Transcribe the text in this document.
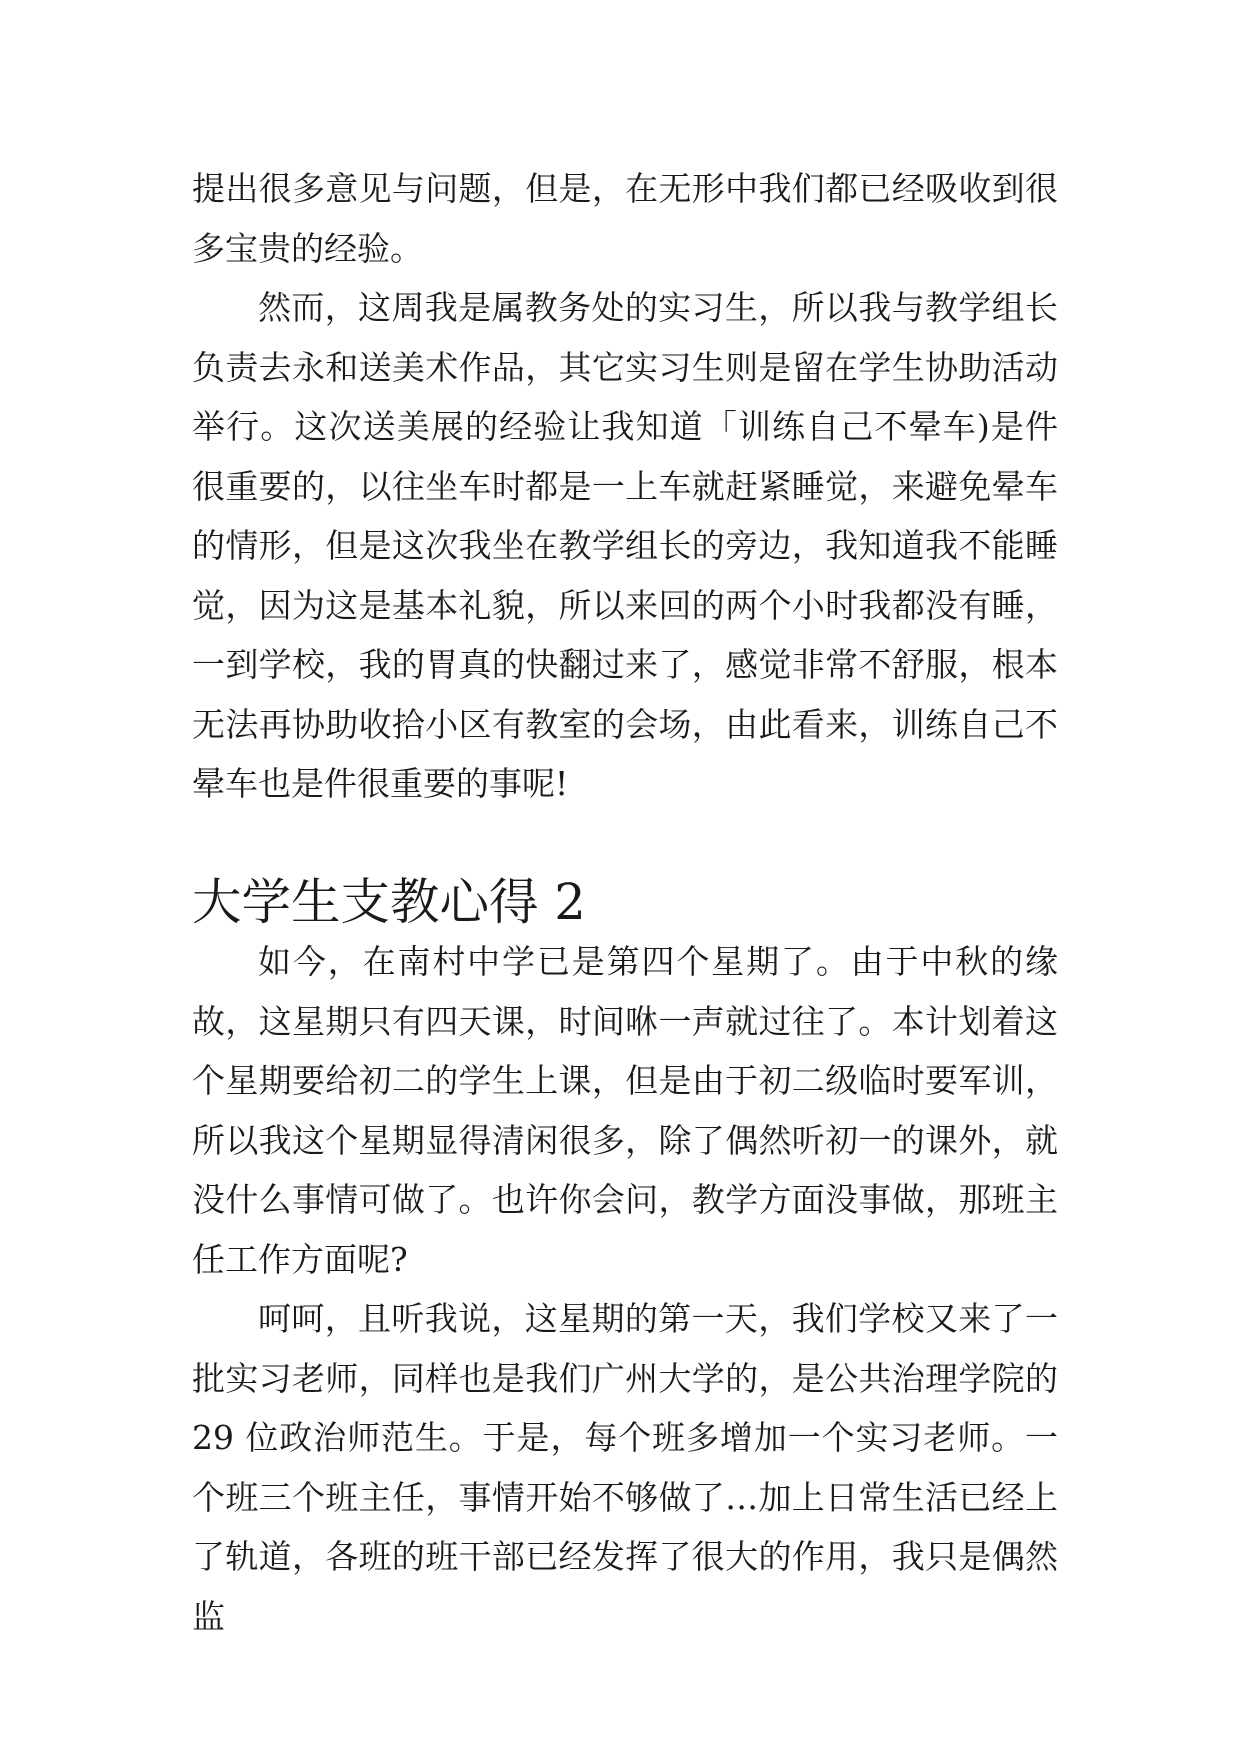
提出很多意见与问题，但是，在无形中我们都已经吸收到很多宝贵的经验。

然而，这周我是属教务处的实习生，所以我与教学组长负责去永和送美术作品，其它实习生则是留在学生协助活动举行。这次送美展的经验让我知道「训练自己不晕车)是件很重要的，以往坐车时都是一上车就赶紧睡觉，来避免晕车的情形，但是这次我坐在教学组长的旁边，我知道我不能睡觉，因为这是基本礼貌，所以来回的两个小时我都没有睡，一到学校，我的胃真的快翻过来了，感觉非常不舒服，根本无法再协助收拾小区有教室的会场，由此看来，训练自己不晕车也是件很重要的事呢!

大学生支教心得 2

如今，在南村中学已是第四个星期了。由于中秋的缘故，这星期只有四天课，时间咻一声就过往了。本计划着这个星期要给初二的学生上课，但是由于初二级临时要军训，所以我这个星期显得清闲很多，除了偶然听初一的课外，就没什么事情可做了。也许你会问，教学方面没事做，那班主任工作方面呢?

呵呵，且听我说，这星期的第一天，我们学校又来了一批实习老师，同样也是我们广州大学的，是公共治理学院的 29 位政治师范生。于是，每个班多增加一个实习老师。一个班三个班主任，事情开始不够做了…加上日常生活已经上了轨道，各班的班干部已经发挥了很大的作用，我只是偶然监
